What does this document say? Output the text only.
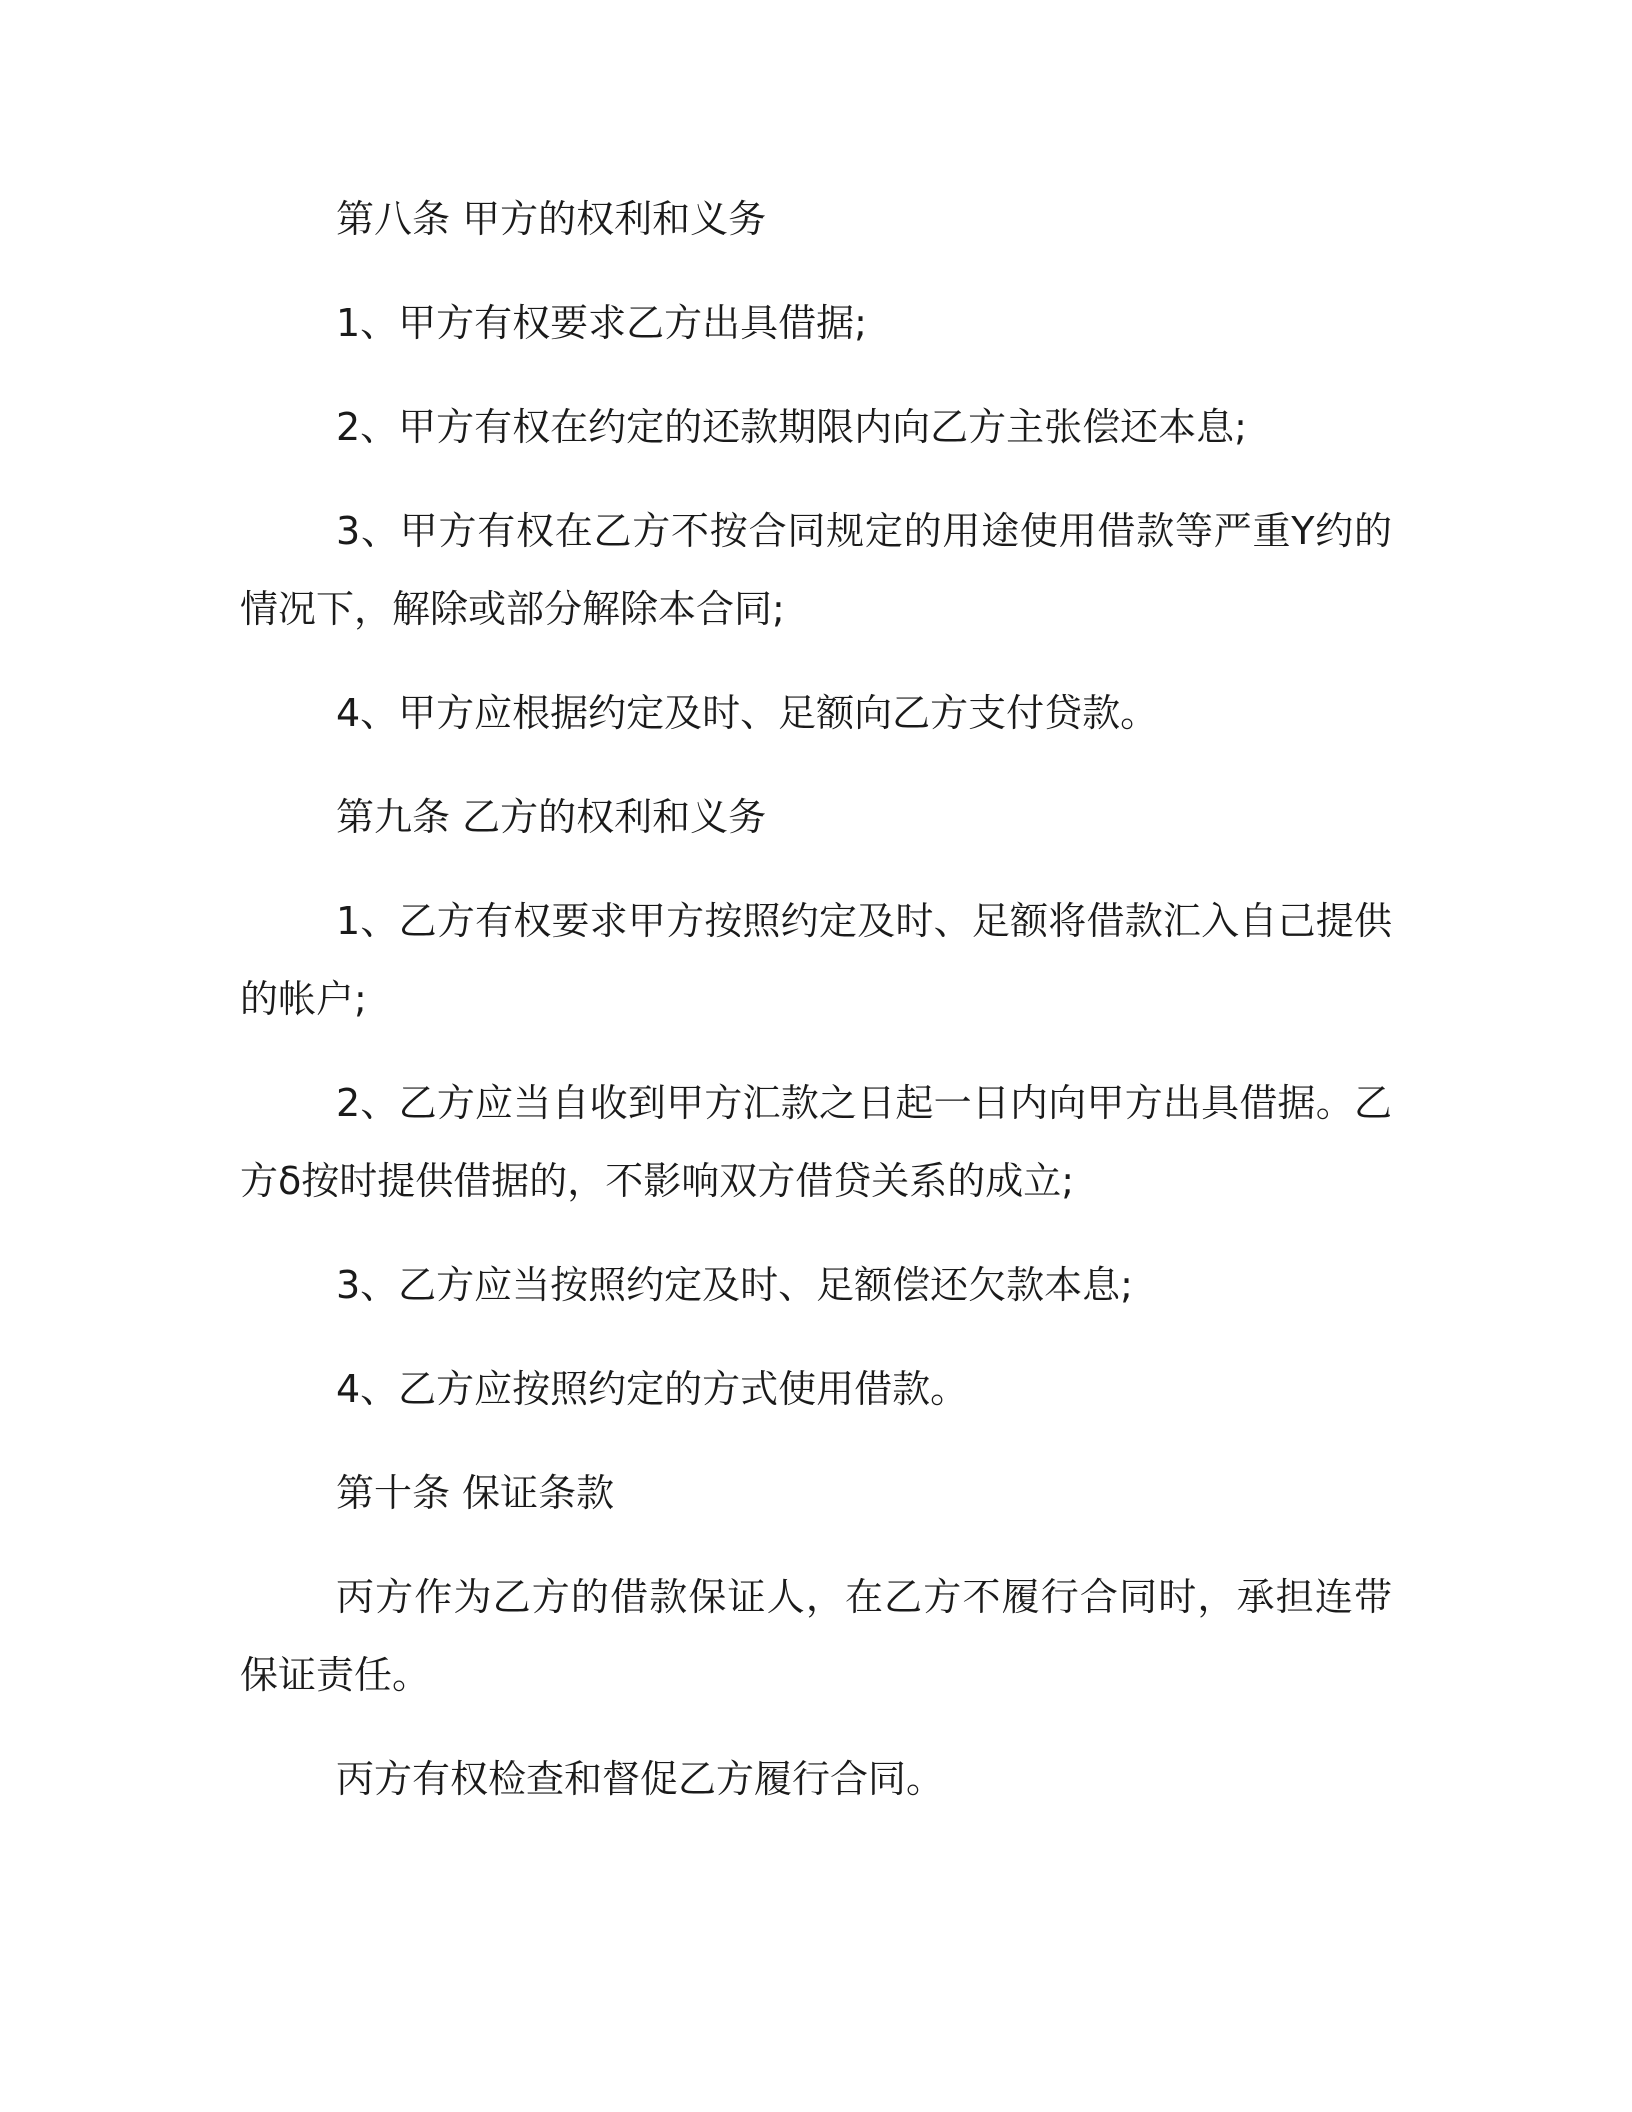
第八条 甲方的权利和义务

1、甲方有权要求乙方出具借据;

2、甲方有权在约定的还款期限内向乙方主张偿还本息;

3、甲方有权在乙方不按合同规定的用途使用借款等严重Y约的情况下，解除或部分解除本合同;

4、甲方应根据约定及时、足额向乙方支付贷款。

第九条 乙方的权利和义务

1、乙方有权要求甲方按照约定及时、足额将借款汇入自己提供的帐户;

2、乙方应当自收到甲方汇款之日起一日内向甲方出具借据。乙方δ按时提供借据的，不影响双方借贷关系的成立;

3、乙方应当按照约定及时、足额偿还欠款本息;

4、乙方应按照约定的方式使用借款。

第十条 保证条款

丙方作为乙方的借款保证人，在乙方不履行合同时，承担连带保证责任。

丙方有权检查和督促乙方履行合同。
